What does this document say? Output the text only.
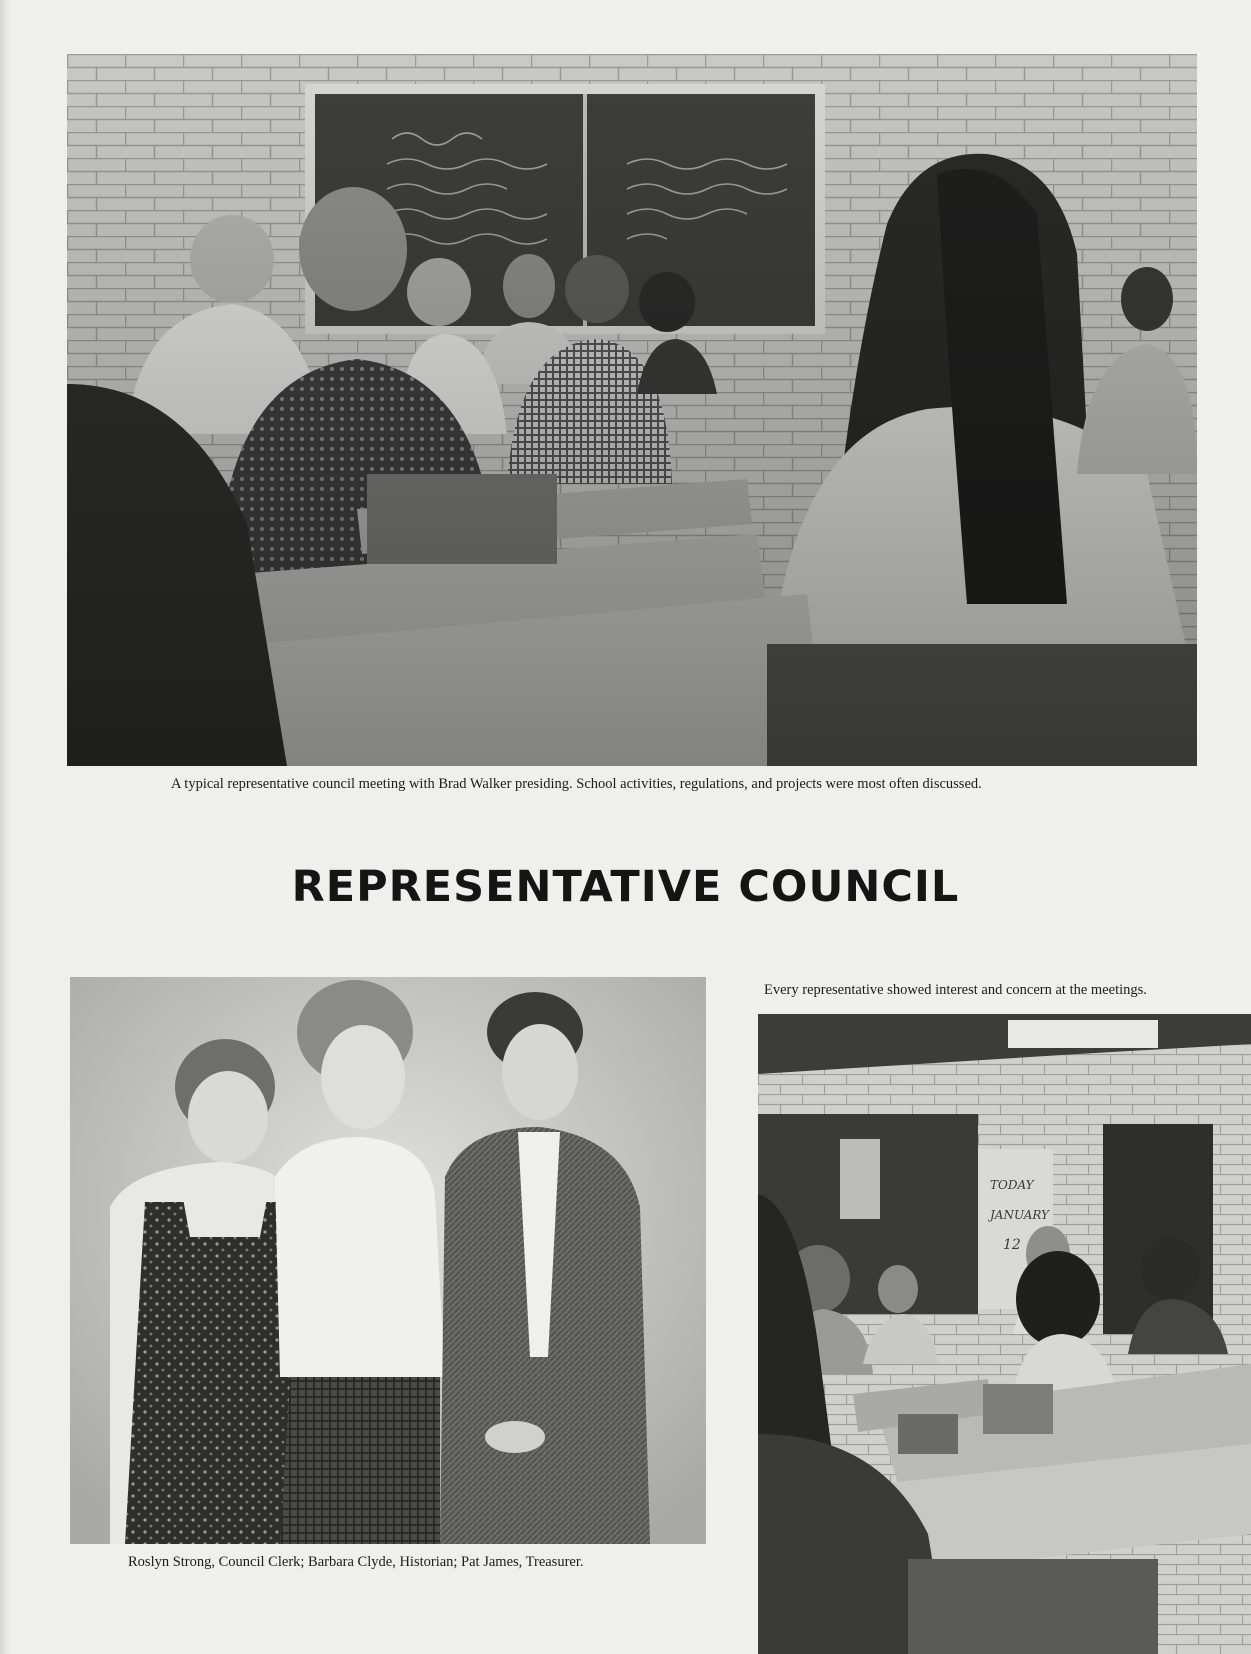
A typical representative council meeting with Brad Walker presiding. School activities, regulations, and projects were most often discussed.
REPRESENTATIVE COUNCIL
Roslyn Strong, Council Clerk; Barbara Clyde, Historian; Pat James, Treasurer.
Every representative showed interest and concern at the meetings.
TODAY
JANUARY
12
